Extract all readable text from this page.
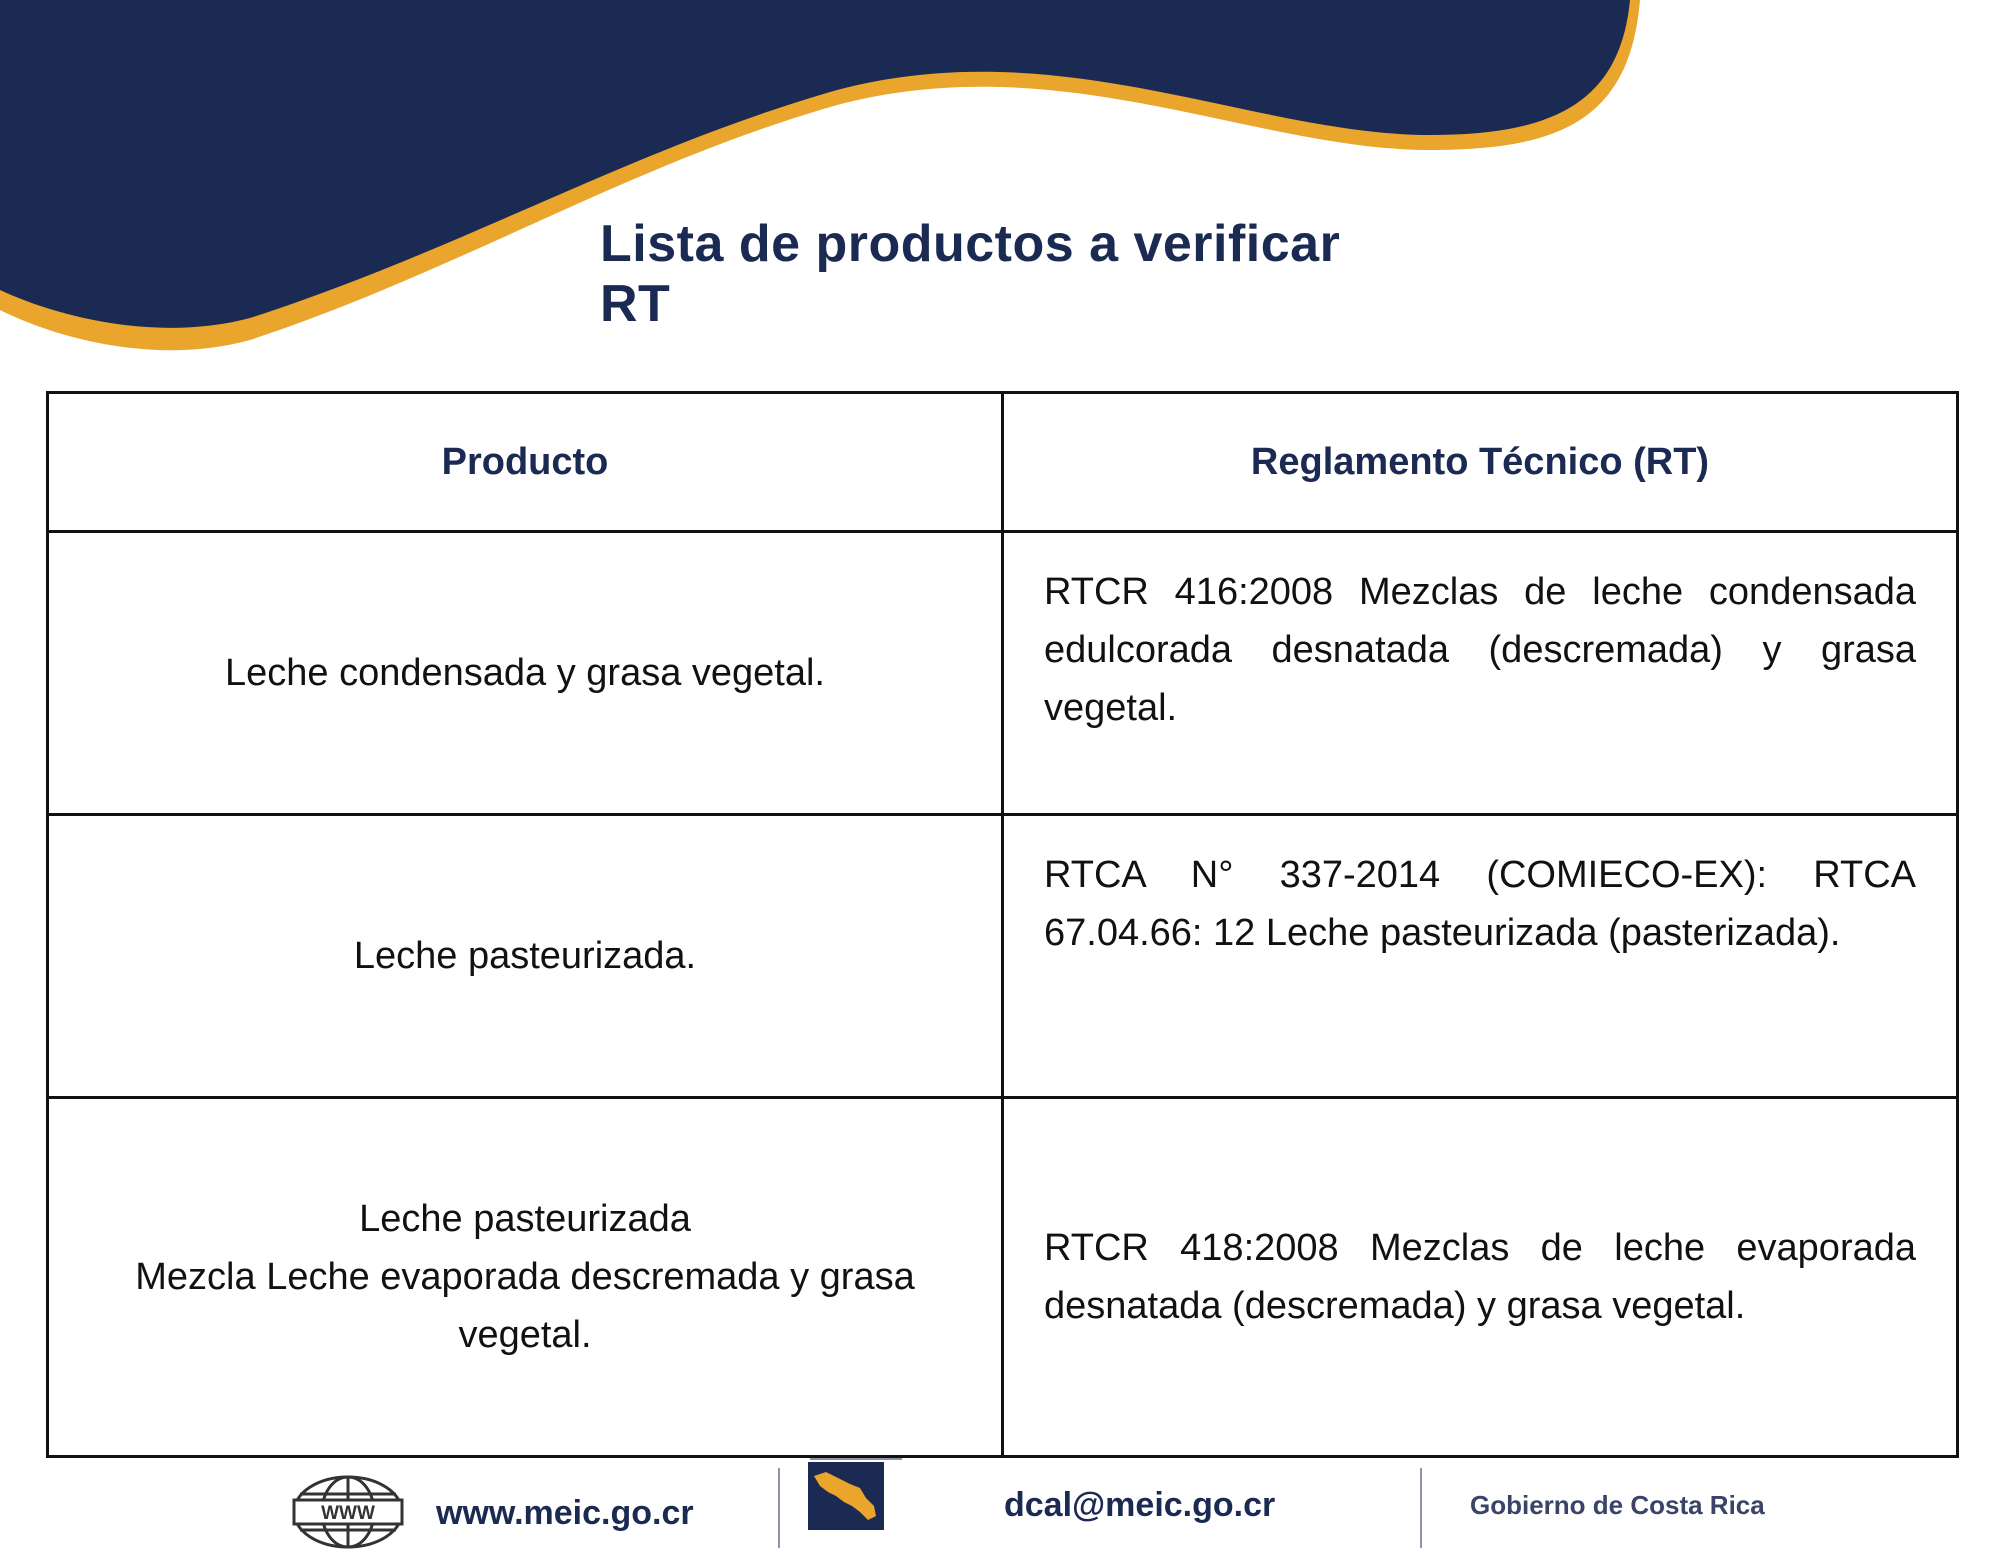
Lista de productos a verificar RT
Producto	Reglamento Técnico (RT)
Leche condensada y grasa vegetal.	RTCR 416:2008 Mezclas de leche condensada edulcorada desnatada (descremada) y grasa vegetal.
Leche pasteurizada.	RTCA N° 337-2014 (COMIECO-EX): RTCA 67.04.66: 12 Leche pasteurizada (pasterizada).
Leche pasteurizada
Mezcla Leche evaporada descremada y grasa vegetal.	RTCR 418:2008 Mezclas de leche evaporada desnatada (descremada) y grasa vegetal.
WWW www.meic.go.cr	dcal@meic.go.cr	Gobierno de Costa Rica
